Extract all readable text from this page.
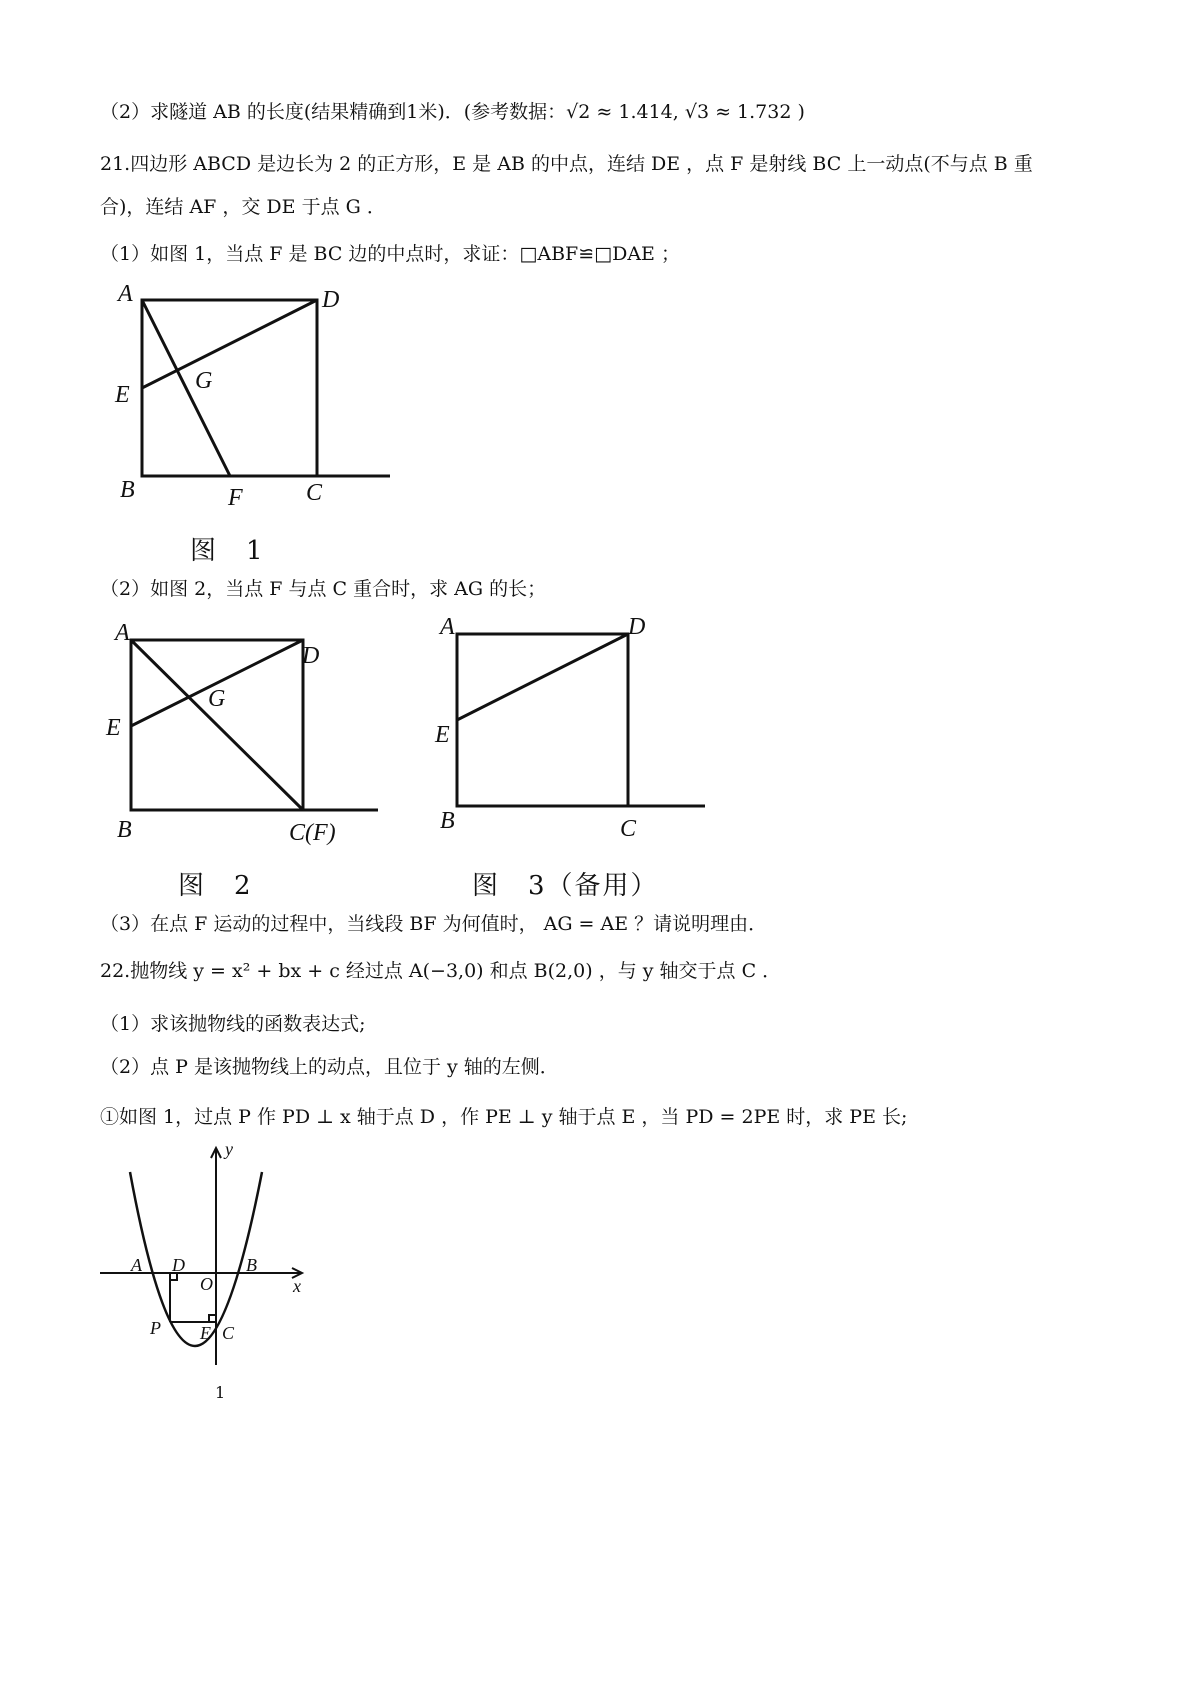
（2）求隧道 AB 的长度(结果精确到1米)．(参考数据：√2 ≈ 1.414, √3 ≈ 1.732 )
21.四边形 ABCD 是边长为 2 的正方形，E 是 AB 的中点，连结 DE ，点 F 是射线 BC 上一动点(不与点 B 重
合)，连结 AF ，交 DE 于点 G ．
（1）如图 1，当点 F 是 BC 边的中点时，求证：□ABF≌□DAE ；
A	D
E
G
B	F	C
图　1
（2）如图 2，当点 F 与点 C 重合时，求 AG 的长；
A
D
E
G
B	C(F)
图　2
A	D
E
B	C
图　3（备用）
（3）在点 F 运动的过程中，当线段 BF 为何值时， AG = AE ？请说明理由．
22.抛物线 y = x² + bx + c 经过点 A(−3,0) 和点 B(2,0) ，与 y 轴交于点 C ．
（1）求该抛物线的函数表达式;
（2）点 P 是该抛物线上的动点，且位于 y 轴的左侧．
①如图 1，过点 P 作 PD ⊥ x 轴于点 D ，作 PE ⊥ y 轴于点 E ，当 PD = 2PE 时，求 PE 长;
y
x
A D
O
B
P E C
1
